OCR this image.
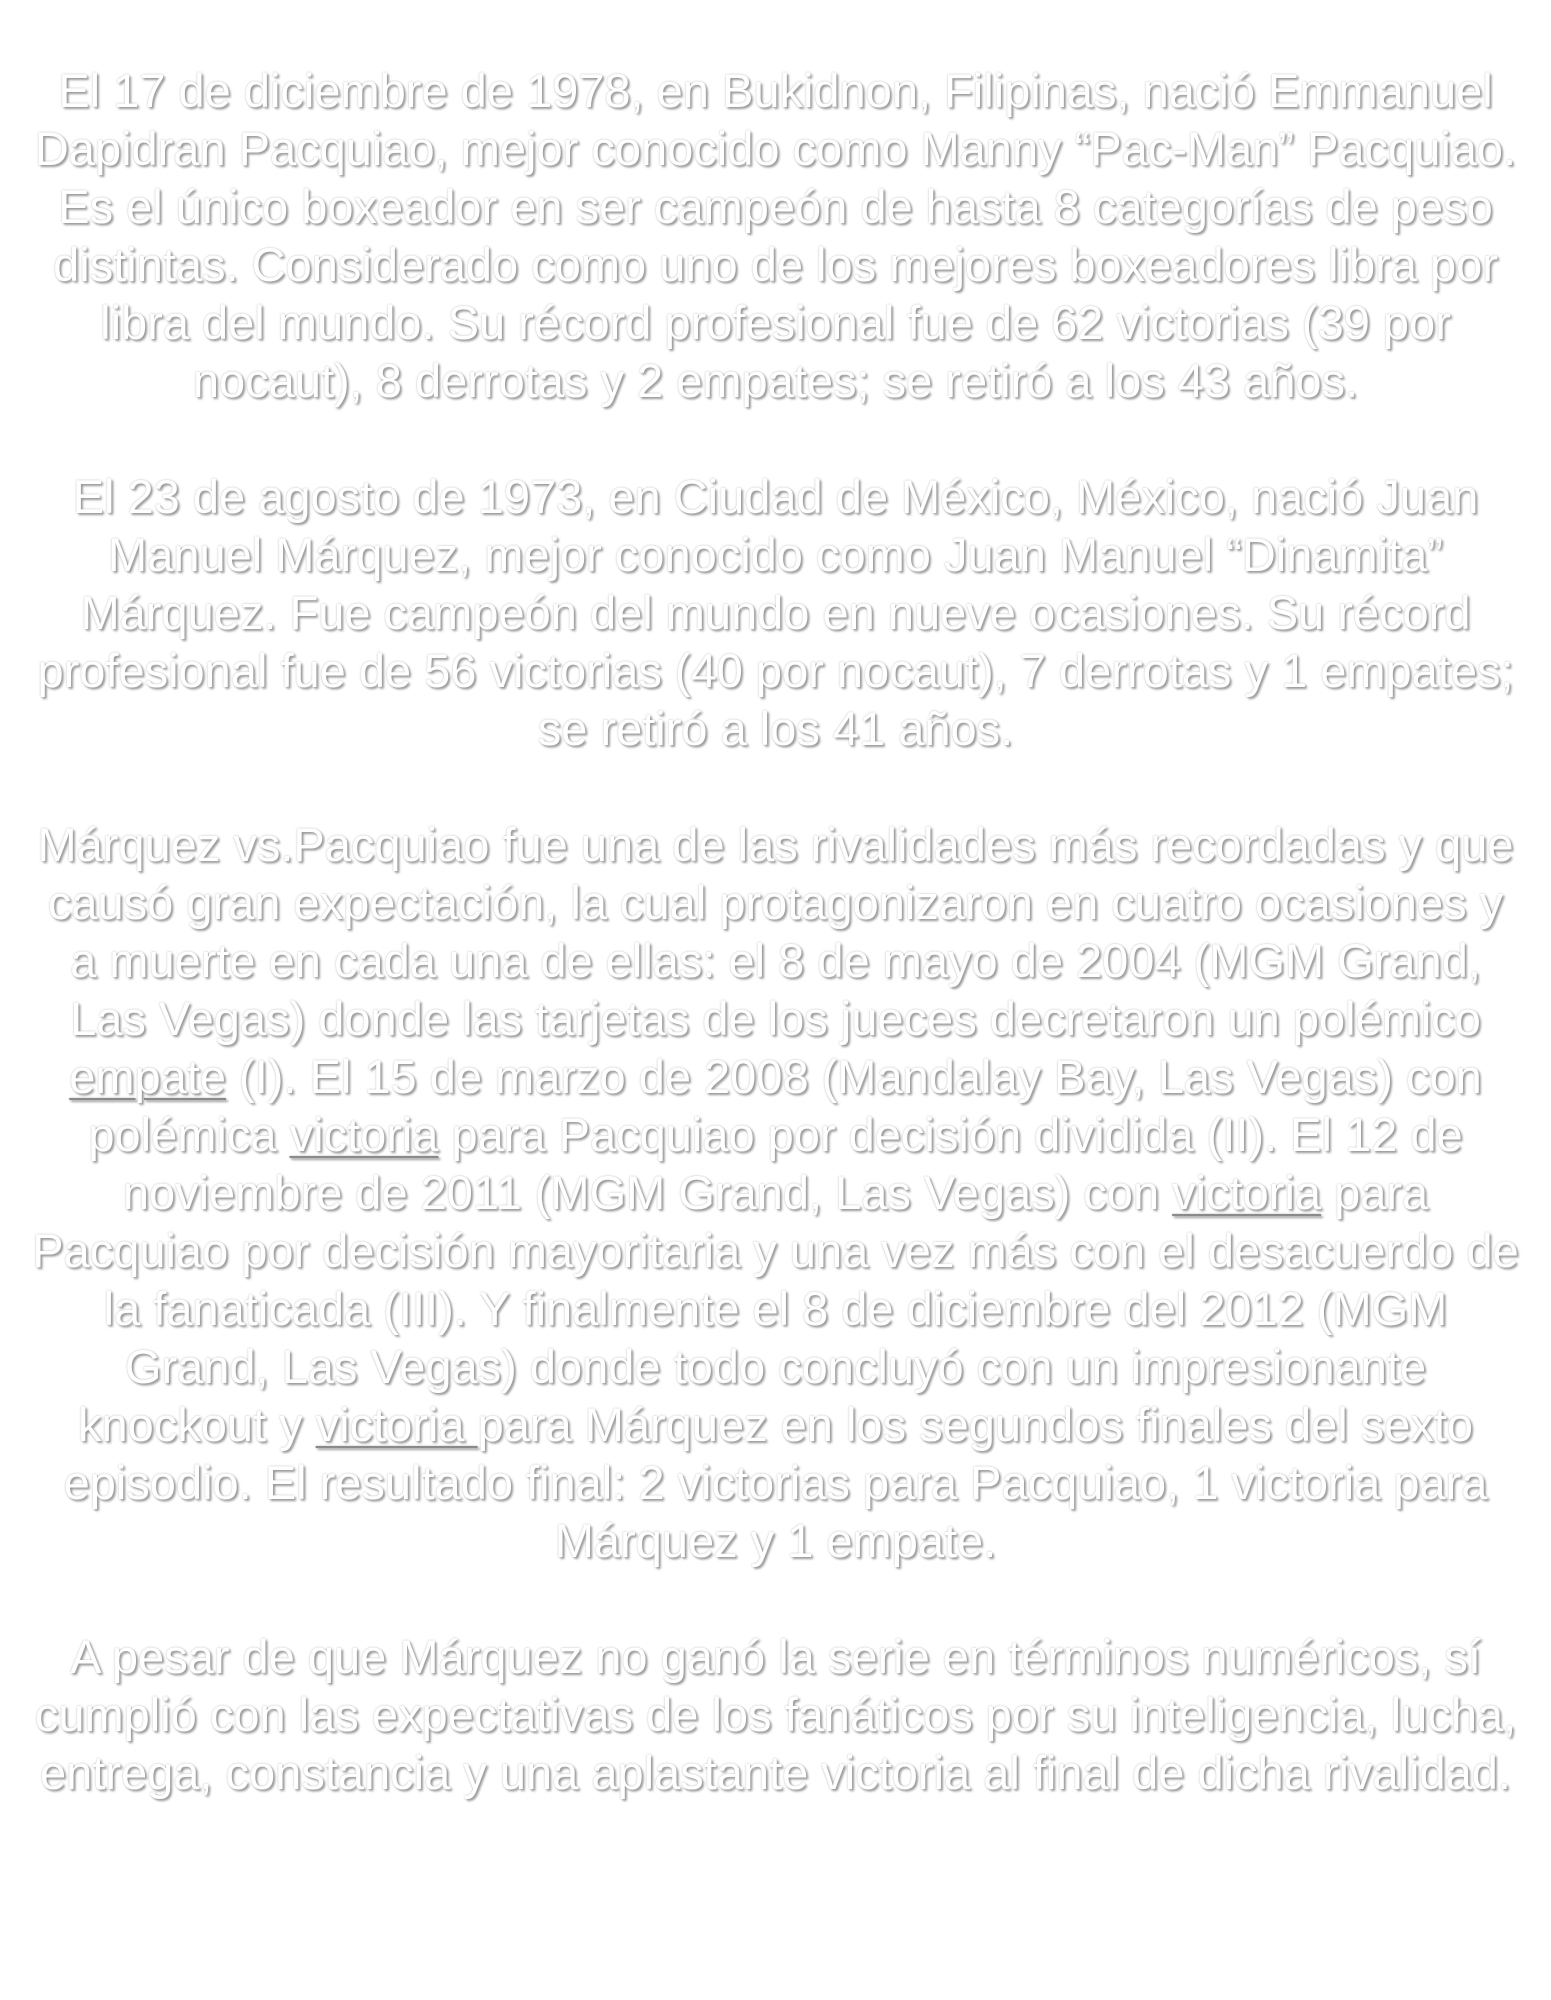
El 17 de diciembre de 1978, en Bukidnon, Filipinas, nació Emmanuel Dapidran Pacquiao, mejor conocido como Manny “Pac-Man” Pacquiao. Es el único boxeador en ser campeón de hasta 8 categorías de peso distintas. Considerado como uno de los mejores boxeadores libra por libra del mundo. Su récord profesional fue de 62 victorias (39 por nocaut), 8 derrotas y 2 empates; se retiró a los 43 años.

El 23 de agosto de 1973, en Ciudad de México, México, nació Juan Manuel Márquez, mejor conocido como Juan Manuel “Dinamita” Márquez. Fue campeón del mundo en nueve ocasiones. Su récord profesional fue de 56 victorias (40 por nocaut), 7 derrotas y 1 empates; se retiró a los 41 años.

Márquez vs.Pacquiao fue una de las rivalidades más recordadas y que causó gran expectación, la cual protagonizaron en cuatro ocasiones y a muerte en cada una de ellas: el 8 de mayo de 2004 (MGM Grand, Las Vegas) donde las tarjetas de los jueces decretaron un polémico empate (I). El 15 de marzo de 2008 (Mandalay Bay, Las Vegas) con polémica victoria para Pacquiao por decisión dividida (II). El 12 de noviembre de 2011 (MGM Grand, Las Vegas) con victoria para Pacquiao por decisión mayoritaria y una vez más con el desacuerdo de la fanaticada (III). Y finalmente el 8 de diciembre del 2012 (MGM Grand, Las Vegas) donde todo concluyó con un impresionante knockout y victoria para Márquez en los segundos finales del sexto episodio. El resultado final: 2 victorias para Pacquiao, 1 victoria para Márquez y 1 empate.

A pesar de que Márquez no ganó la serie en términos numéricos, sí cumplió con las expectativas de los fanáticos por su inteligencia, lucha, entrega, constancia y una aplastante victoria al final de dicha rivalidad.
